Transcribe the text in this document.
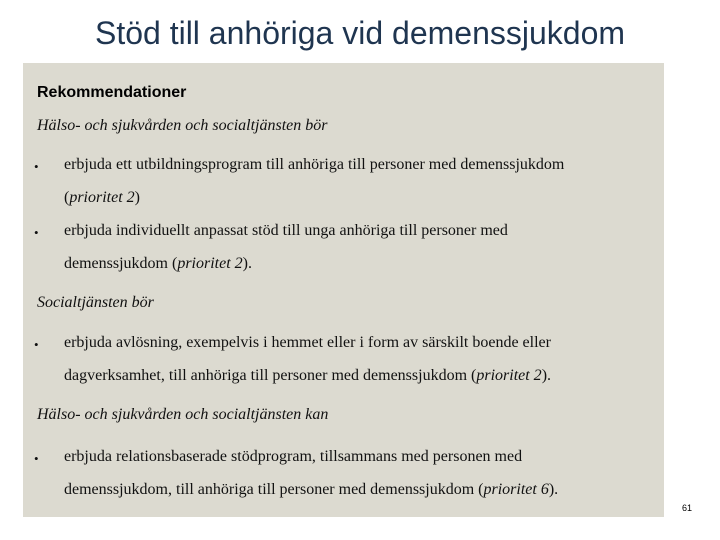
Stöd till anhöriga vid demenssjukdom
Rekommendationer
Hälso- och sjukvården och socialtjänsten bör
• erbjuda ett utbildningsprogram till anhöriga till personer med demenssjukdom
(prioritet 2)
• erbjuda individuellt anpassat stöd till unga anhöriga till personer med
demenssjukdom (prioritet 2).
Socialtjänsten bör
• erbjuda avlösning, exempelvis i hemmet eller i form av särskilt boende eller
dagverksamhet, till anhöriga till personer med demenssjukdom (prioritet 2).
Hälso- och sjukvården och socialtjänsten kan
• erbjuda relationsbaserade stödprogram, tillsammans med personen med
demenssjukdom, till anhöriga till personer med demenssjukdom (prioritet 6).
61
